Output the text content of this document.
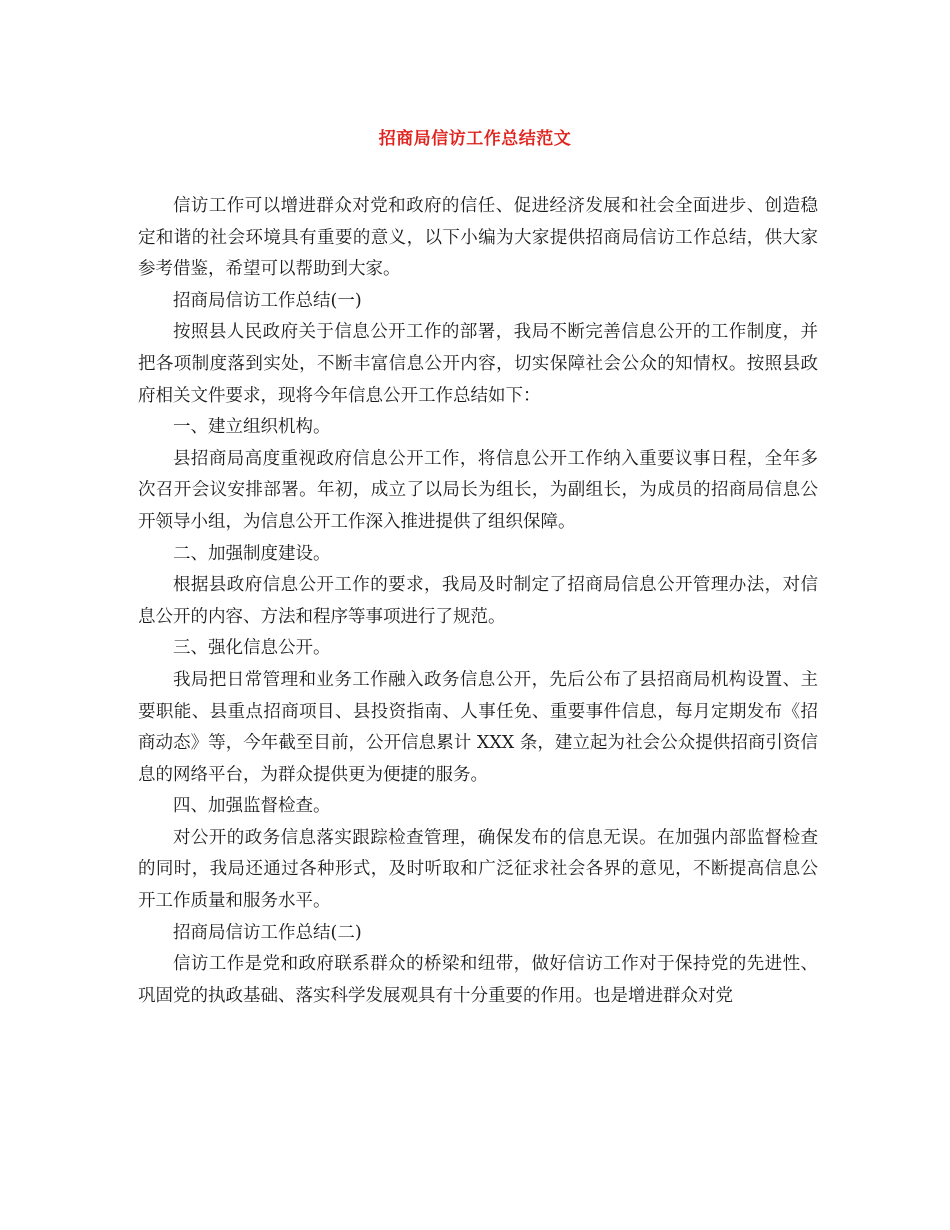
招商局信访工作总结范文

信访工作可以增进群众对党和政府的信任、促进经济发展和社会全面进步、创造稳定和谐的社会环境具有重要的意义，以下小编为大家提供招商局信访工作总结，供大家参考借鉴，希望可以帮助到大家。

招商局信访工作总结(一)

按照县人民政府关于信息公开工作的部署，我局不断完善信息公开的工作制度，并把各项制度落到实处，不断丰富信息公开内容，切实保障社会公众的知情权。按照县政府相关文件要求，现将今年信息公开工作总结如下：

一、建立组织机构。

县招商局高度重视政府信息公开工作，将信息公开工作纳入重要议事日程，全年多次召开会议安排部署。年初，成立了以局长为组长，为副组长，为成员的招商局信息公开领导小组，为信息公开工作深入推进提供了组织保障。

二、加强制度建设。

根据县政府信息公开工作的要求，我局及时制定了招商局信息公开管理办法，对信息公开的内容、方法和程序等事项进行了规范。

三、强化信息公开。

我局把日常管理和业务工作融入政务信息公开，先后公布了县招商局机构设置、主要职能、县重点招商项目、县投资指南、人事任免、重要事件信息，每月定期发布《招商动态》等，今年截至目前，公开信息累计 XXX 条，建立起为社会公众提供招商引资信息的网络平台，为群众提供更为便捷的服务。

四、加强监督检查。

对公开的政务信息落实跟踪检查管理，确保发布的信息无误。在加强内部监督检查的同时，我局还通过各种形式，及时听取和广泛征求社会各界的意见，不断提高信息公开工作质量和服务水平。

招商局信访工作总结(二)

信访工作是党和政府联系群众的桥梁和纽带，做好信访工作对于保持党的先进性、巩固党的执政基础、落实科学发展观具有十分重要的作用。也是增进群众对党
